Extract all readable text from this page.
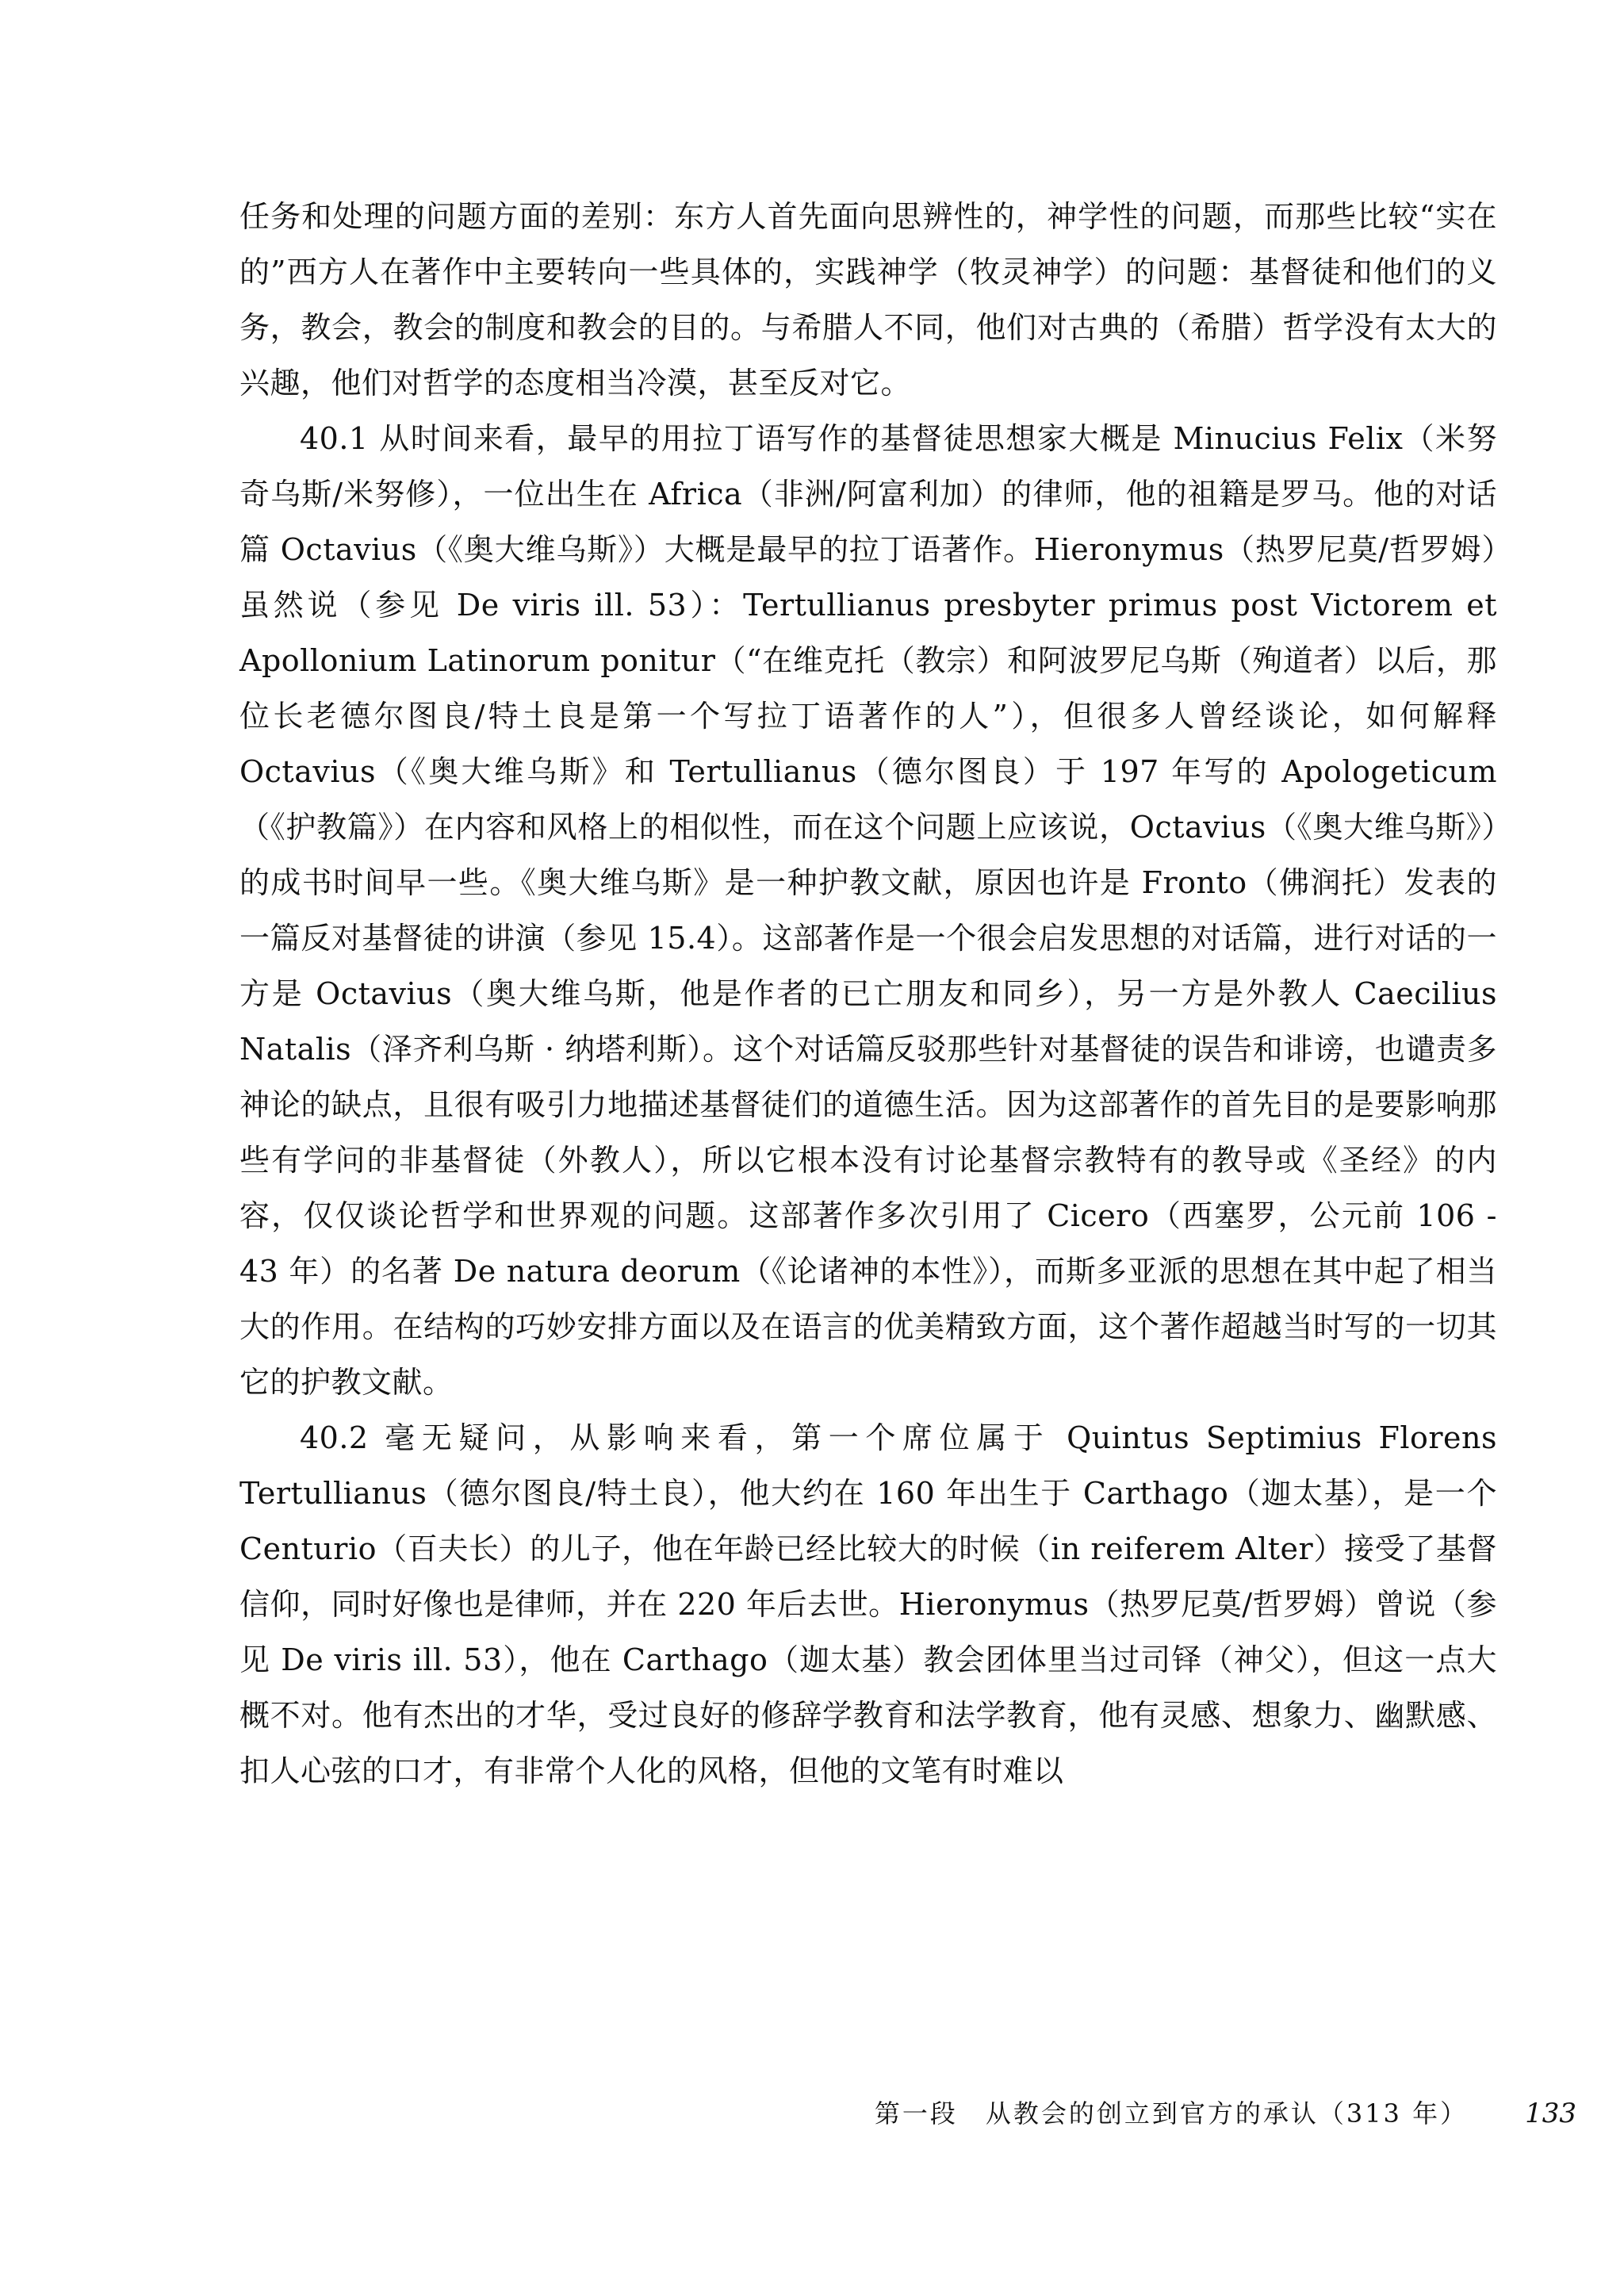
任务和处理的问题方面的差别：东方人首先面向思辨性的，神学性的问题，而那些比较“实在的”西方人在著作中主要转向一些具体的，实践神学（牧灵神学）的问题：基督徒和他们的义务，教会，教会的制度和教会的目的。与希腊人不同，他们对古典的（希腊）哲学没有太大的兴趣，他们对哲学的态度相当冷漠，甚至反对它。

40.1 从时间来看，最早的用拉丁语写作的基督徒思想家大概是 Minucius Felix（米努奇乌斯/米努修），一位出生在 Africa（非洲/阿富利加）的律师，他的祖籍是罗马。他的对话篇 Octavius（《奥大维乌斯》）大概是最早的拉丁语著作。Hieronymus（热罗尼莫/哲罗姆）虽然说（参见 De viris ill. 53）：Tertullianus presbyter primus post Victorem et Apollonium Latinorum ponitur（“在维克托（教宗）和阿波罗尼乌斯（殉道者）以后，那位长老德尔图良/特土良是第一个写拉丁语著作的人”），但很多人曾经谈论，如何解释 Octavius（《奥大维乌斯》和 Tertullianus（德尔图良）于 197 年写的 Apologeticum（《护教篇》）在内容和风格上的相似性，而在这个问题上应该说，Octavius（《奥大维乌斯》）的成书时间早一些。《奥大维乌斯》是一种护教文献，原因也许是 Fronto（佛润托）发表的一篇反对基督徒的讲演（参见 15.4）。这部著作是一个很会启发思想的对话篇，进行对话的一方是 Octavius（奥大维乌斯，他是作者的已亡朋友和同乡），另一方是外教人 Caecilius Natalis（泽齐利乌斯 · 纳塔利斯）。这个对话篇反驳那些针对基督徒的误告和诽谤，也谴责多神论的缺点，且很有吸引力地描述基督徒们的道德生活。因为这部著作的首先目的是要影响那些有学问的非基督徒（外教人），所以它根本没有讨论基督宗教特有的教导或《圣经》的内容，仅仅谈论哲学和世界观的问题。这部著作多次引用了 Cicero（西塞罗，公元前 106 - 43 年）的名著 De natura deorum（《论诸神的本性》），而斯多亚派的思想在其中起了相当大的作用。在结构的巧妙安排方面以及在语言的优美精致方面，这个著作超越当时写的一切其它的护教文献。

40.2 毫无疑问，从影响来看，第一个席位属于 Quintus Septimius Florens Tertullianus（德尔图良/特土良），他大约在 160 年出生于 Carthago（迦太基），是一个 Centurio（百夫长）的儿子，他在年龄已经比较大的时候（in reiferem Alter）接受了基督信仰，同时好像也是律师，并在 220 年后去世。Hieronymus（热罗尼莫/哲罗姆）曾说（参见 De viris ill. 53），他在 Carthago（迦太基）教会团体里当过司铎（神父），但这一点大概不对。他有杰出的才华，受过良好的修辞学教育和法学教育，他有灵感、想象力、幽默感、扣人心弦的口才，有非常个人化的风格，但他的文笔有时难以

第一段　从教会的创立到官方的承认（313 年） 133
